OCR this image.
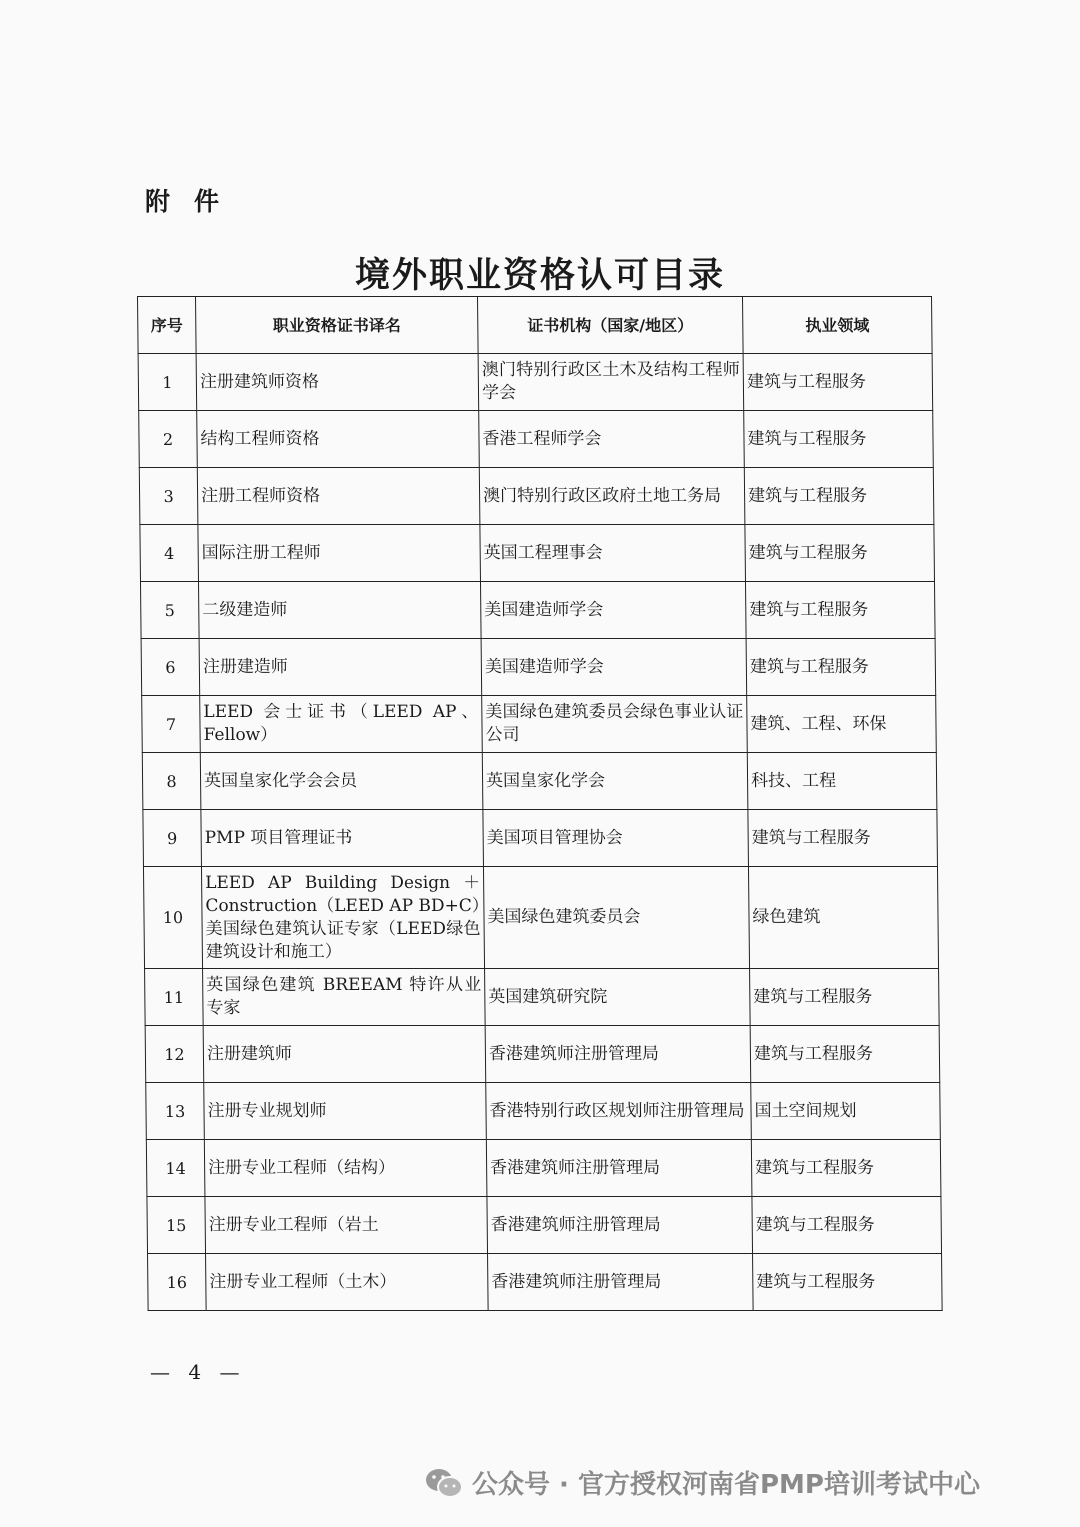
附件
境外职业资格认可目录
序号	职业资格证书译名	证书机构（国家/地区）	执业领域
1	注册建筑师资格	澳门特别行政区土木及结构工程师学会	建筑与工程服务
2	结构工程师资格	香港工程师学会	建筑与工程服务
3	注册工程师资格	澳门特别行政区政府土地工务局	建筑与工程服务
4	国际注册工程师	英国工程理事会	建筑与工程服务
5	二级建造师	美国建造师学会	建筑与工程服务
6	注册建造师	美国建造师学会	建筑与工程服务
7	LEED 会士证书（LEED AP、Fellow）	美国绿色建筑委员会绿色事业认证公司	建筑、工程、环保
8	英国皇家化学会会员	英国皇家化学会	科技、工程
9	PMP 项目管理证书	美国项目管理协会	建筑与工程服务
10	LEED AP Building Design ＋ Construction（LEED AP BD+C）美国绿色建筑认证专家（LEED绿色建筑设计和施工）	美国绿色建筑委员会	绿色建筑
11	英国绿色建筑 BREEAM 特许从业专家	英国建筑研究院	建筑与工程服务
12	注册建筑师	香港建筑师注册管理局	建筑与工程服务
13	注册专业规划师	香港特别行政区规划师注册管理局	国土空间规划
14	注册专业工程师（结构）	香港建筑师注册管理局	建筑与工程服务
15	注册专业工程师（岩土	香港建筑师注册管理局	建筑与工程服务
16	注册专业工程师（土木）	香港建筑师注册管理局	建筑与工程服务
— 4 —
公众号 · 官方授权河南省PMP培训考试中心
